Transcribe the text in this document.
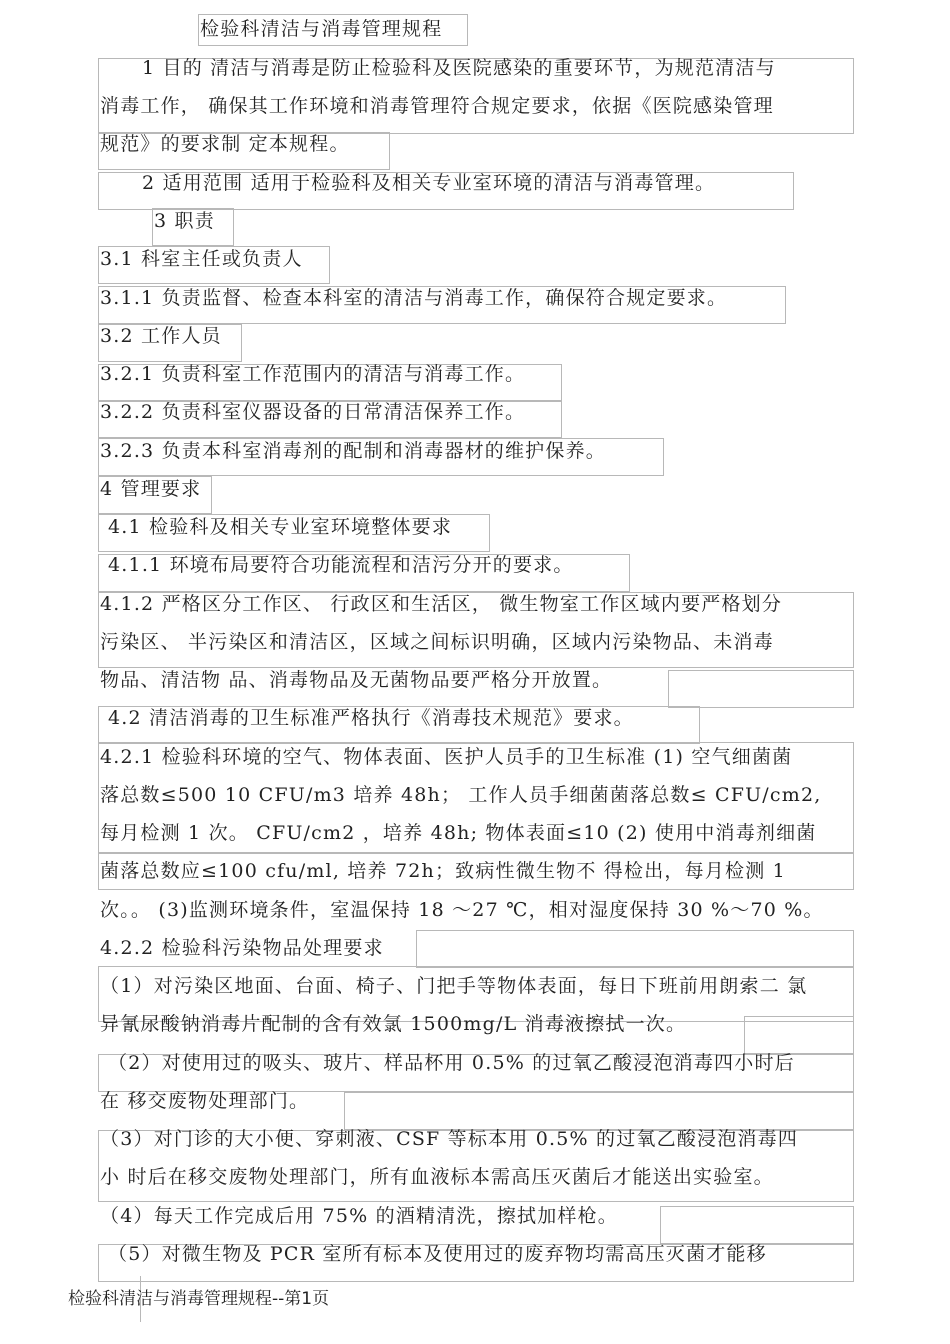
检验科清洁与消毒管理规程
1 目的 清洁与消毒是防止检验科及医院感染的重要环节，为规范清洁与
消毒工作， 确保其工作环境和消毒管理符合规定要求，依据《医院感染管理
规范》的要求制 定本规程。
2 适用范围 适用于检验科及相关专业室环境的清洁与消毒管理。
3 职责
3.1 科室主任或负责人
3.1.1 负责监督、检查本科室的清洁与消毒工作，确保符合规定要求。
3.2 工作人员
3.2.1 负责科室工作范围内的清洁与消毒工作。
3.2.2 负责科室仪器设备的日常清洁保养工作。
3.2.3 负责本科室消毒剂的配制和消毒器材的维护保养。
4 管理要求
4.1 检验科及相关专业室环境整体要求
4.1.1 环境布局要符合功能流程和洁污分开的要求。
4.1.2 严格区分工作区、 行政区和生活区， 微生物室工作区域内要严格划分
污染区、 半污染区和清洁区，区域之间标识明确，区域内污染物品、未消毒
物品、清洁物 品、消毒物品及无菌物品要严格分开放置。
4.2 清洁消毒的卫生标准严格执行《消毒技术规范》要求。
4.2.1 检验科环境的空气、物体表面、医护人员手的卫生标准 (1) 空气细菌菌
落总数≤500 10 CFU/m3 培养 48h； 工作人员手细菌菌落总数≤ CFU/cm2,
每月检测 1 次。 CFU/cm2 ，培养 48h; 物体表面≤10 (2) 使用中消毒剂细菌
菌落总数应≤100 cfu/ml, 培养 72h；致病性微生物不 得检出，每月检测 1
次。。 (3)监测环境条件，室温保持 18 ～27 ℃，相对湿度保持 30 %～70 %。
4.2.2 检验科污染物品处理要求
（1）对污染区地面、台面、椅子、门把手等物体表面，每日下班前用朗索二 氯
异氰尿酸钠消毒片配制的含有效氯 1500mg/L 消毒液擦拭一次。
（2）对使用过的吸头、玻片、样品杯用 0.5% 的过氧乙酸浸泡消毒四小时后
在 移交废物处理部门。
（3）对门诊的大小便、穿刺液、CSF 等标本用 0.5% 的过氧乙酸浸泡消毒四
小 时后在移交废物处理部门，所有血液标本需高压灭菌后才能送出实验室。
（4）每天工作完成后用 75% 的酒精清洗，擦拭加样枪。
（5）对微生物及 PCR 室所有标本及使用过的废弃物均需高压灭菌才能移
检验科清洁与消毒管理规程--第1页
